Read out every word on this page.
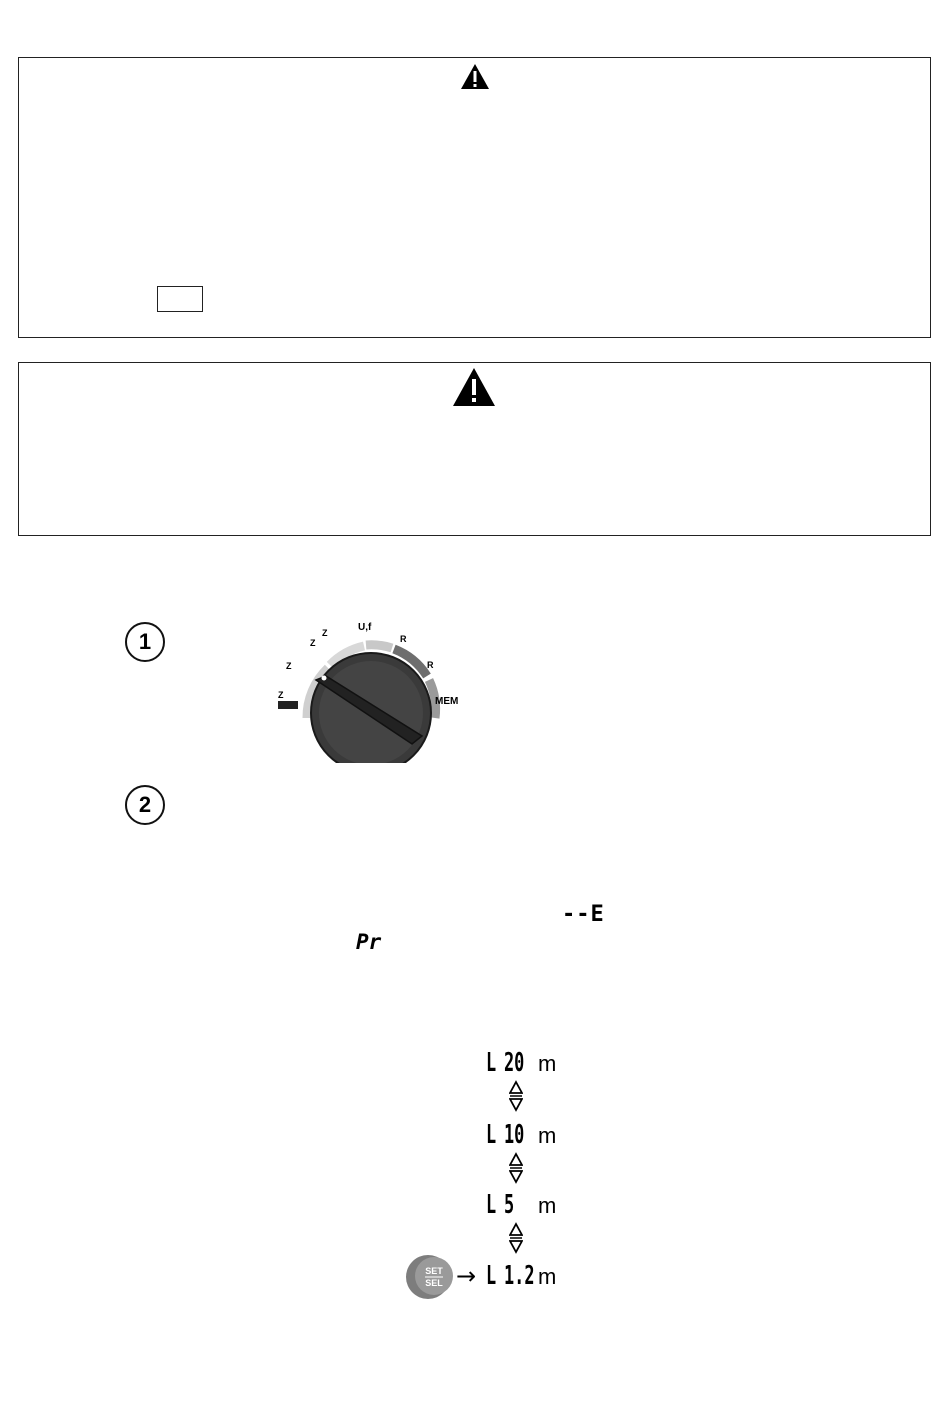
1
Z
Z
Z
Z	U,f
R
R
MEM
2
--E
Pr
L 20 m
L 10 m
L 5	m
SET
SEL → L 1.2 m
